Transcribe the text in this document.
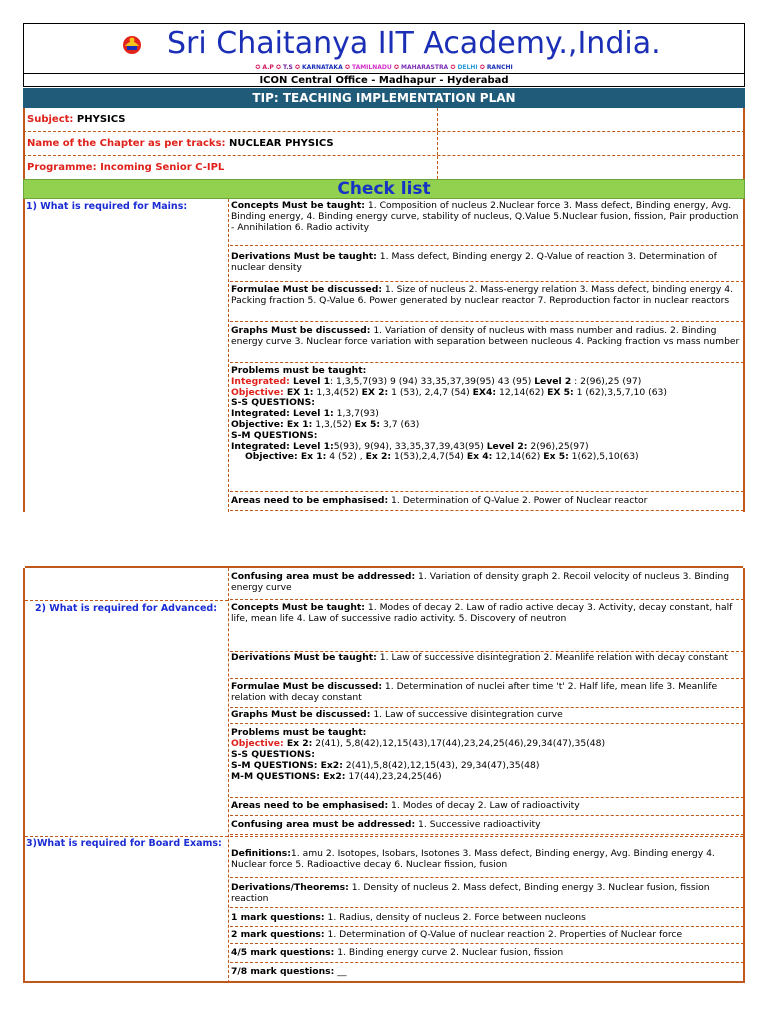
Sri Chaitanya IIT Academy.,India.
✪ A.P ✪ T.S ✪ KARNATAKA ✪ TAMILNADU ✪ MAHARASTRA ✪ DELHI ✪ RANCHI
ICON Central Office - Madhapur - Hyderabad
TIP: TEACHING IMPLEMENTATION PLAN
Subject:
PHYSICS
Name of the Chapter as per tracks:
NUCLEAR PHYSICS
Programme: Incoming Senior C-IPL
Check list
1) What is required for Mains:	Concepts Must be taught: 1. Composition of nucleus 2.Nuclear force 3. Mass defect, Binding energy, Avg. Binding energy, 4. Binding energy curve, stability of nucleus, Q.Value 5.Nuclear fusion, fission, Pair production - Annihilation 6. Radio activity
Derivations Must be taught: 1. Mass defect, Binding energy 2. Q-Value of reaction 3. Determination of nuclear density
Formulae Must be discussed: 1. Size of nucleus 2. Mass-energy relation 3. Mass defect, binding energy 4. Packing fraction 5. Q-Value 6. Power generated by nuclear reactor 7. Reproduction factor in nuclear reactors
Graphs Must be discussed: 1. Variation of density of nucleus with mass number and radius. 2. Binding energy curve 3. Nuclear force variation with separation between nucleous 4. Packing fraction vs mass number

Problems must be taught:

Integrated: Level 1: 1,3,5,7(93) 9 (94) 33,35,37,39(95) 43 (95) Level 2 : 2(96),25 (97)

Objective: EX 1: 1,3,4(52) EX 2: 1 (53), 2,4,7 (54) EX4: 12,14(62) EX 5: 1 (62),3,5,7,10 (63)

S-S QUESTIONS:

Integrated: Level 1: 1,3,7(93)

Objective: Ex 1: 1,3,(52) Ex 5: 3,7 (63)

S-M QUESTIONS:

Integrated: Level 1:5(93), 9(94), 33,35,37,39,43(95) Level 2: 2(96),25(97)

Objective: Ex 1: 4 (52) , Ex 2: 1(53),2,4,7(54) Ex 4: 12,14(62) Ex 5: 1(62),5,10(63)

Areas need to be emphasised: 1. Determination of Q-Value 2. Power of Nuclear reactor
Confusing area must be addressed: 1. Variation of density graph 2. Recoil velocity of nucleus 3. Binding energy curve
2) What is required for Advanced: Concepts Must be taught: 1. Modes of decay 2. Law of radio active decay 3. Activity, decay constant, half life, mean life 4. Law of successive radio activity. 5. Discovery of neutron
Derivations Must be taught: 1. Law of successive disintegration 2. Meanlife relation with decay constant
Formulae Must be discussed: 1. Determination of nuclei after time 't' 2. Half life, mean life 3. Meanlife relation with decay constant
Graphs Must be discussed: 1. Law of successive disintegration curve

Problems must be taught:

Objective: Ex 2: 2(41), 5,8(42),12,15(43),17(44),23,24,25(46),29,34(47),35(48)

S-S QUESTIONS:

S-M QUESTIONS: Ex2: 2(41),5,8(42),12,15(43), 29,34(47),35(48)

M-M QUESTIONS: Ex2: 17(44),23,24,25(46)

Areas need to be emphasised: 1. Modes of decay 2. Law of radioactivity
Confusing area must be addressed: 1. Successive radioactivity
3)What is required for Board Exams:
Definitions:1. amu 2. Isotopes, Isobars, Isotones 3. Mass defect, Binding energy, Avg. Binding energy 4. Nuclear force 5. Radioactive decay 6. Nuclear fission, fusion
Derivations/Theorems: 1. Density of nucleus 2. Mass defect, Binding energy 3. Nuclear fusion, fission reaction
1 mark questions: 1. Radius, density of nucleus 2. Force between nucleons
2 mark questions: 1. Determination of Q-Value of nuclear reaction 2. Properties of Nuclear force
4/5 mark questions: 1. Binding energy curve 2. Nuclear fusion, fission
7/8 mark questions: __
